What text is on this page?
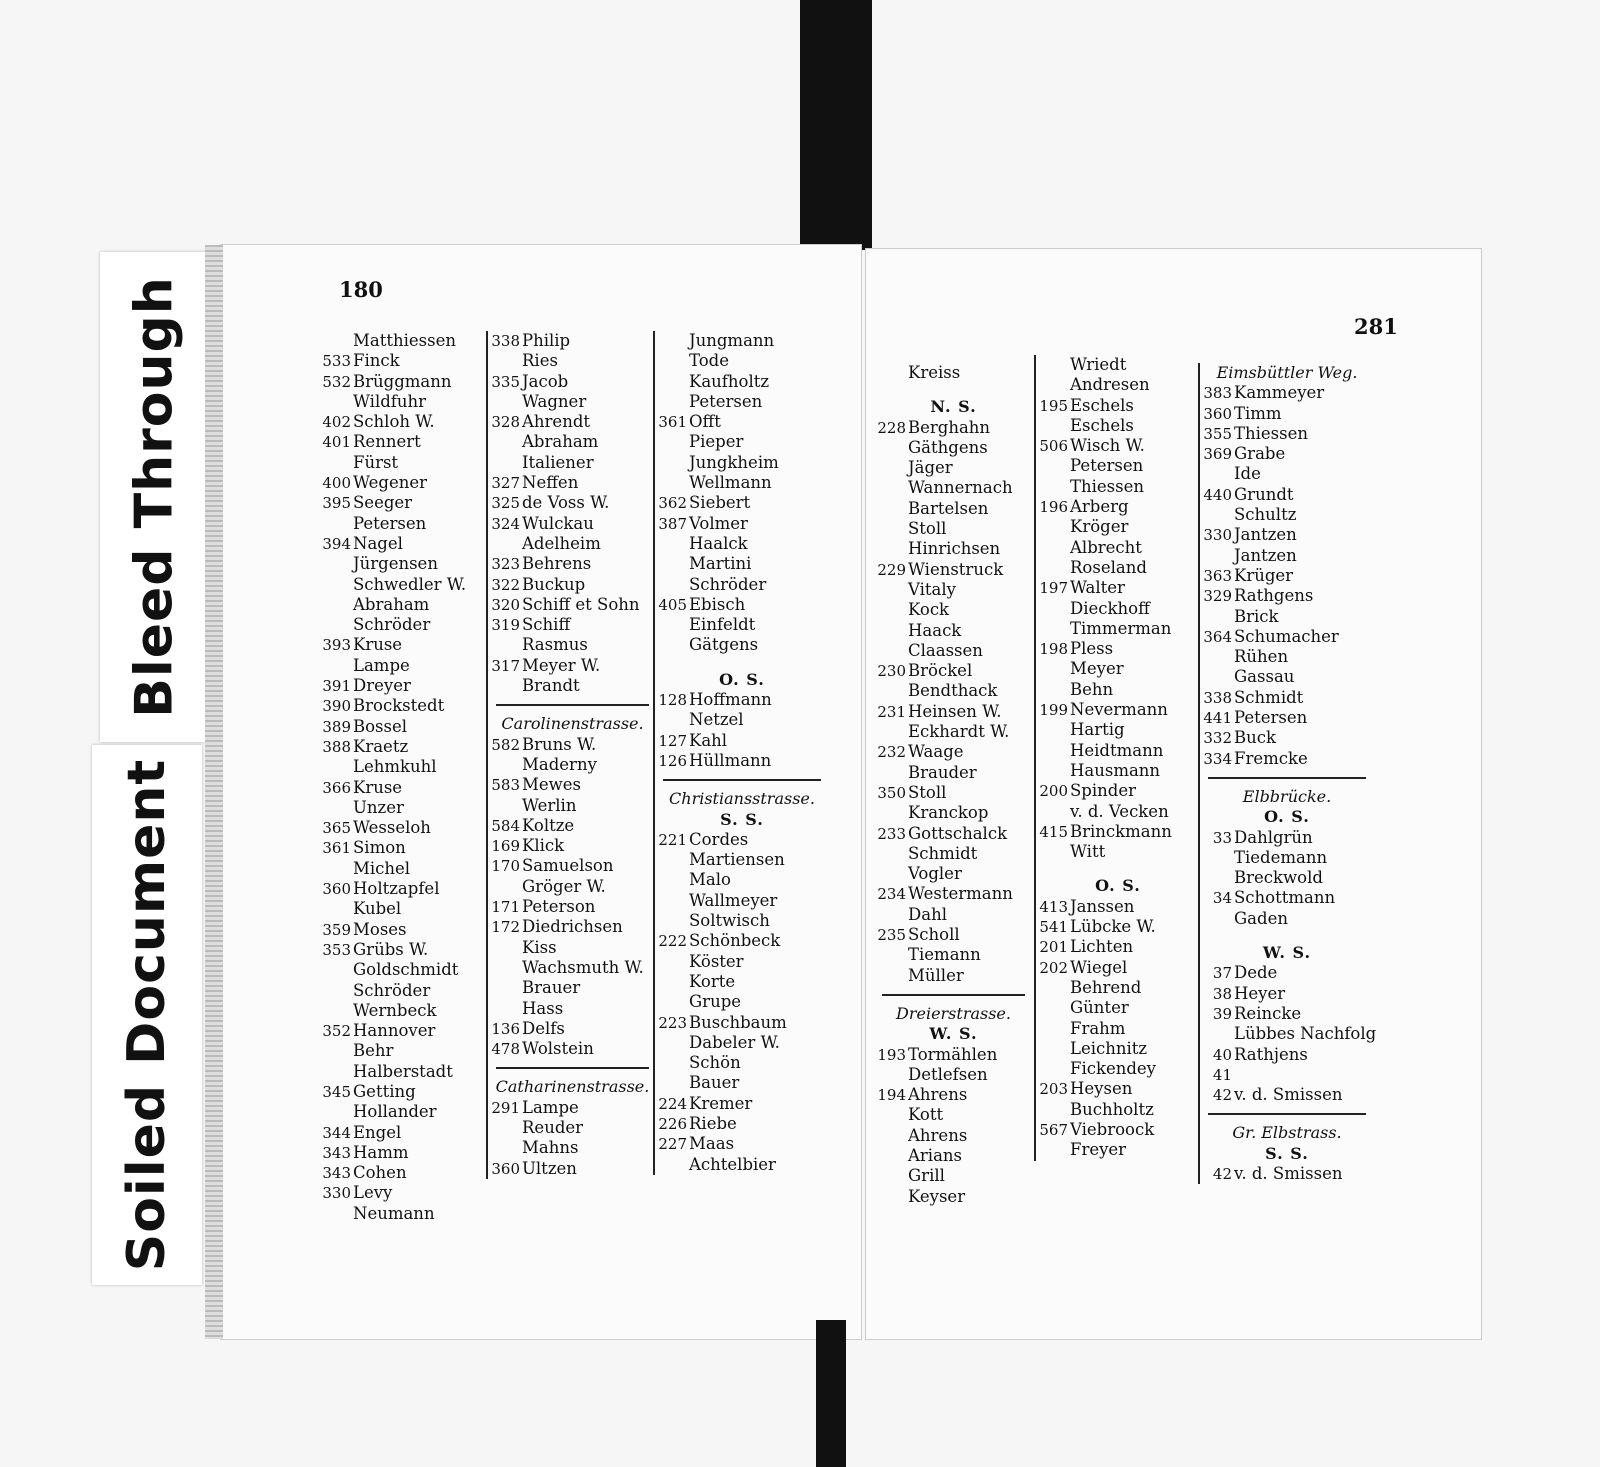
Bleed Through
Soiled Document
180
Matthiessen
533 Finck
532 Brüggmann
Wildfuhr
402 Schloh W.
401 Rennert
Fürst
400 Wegener
395 Seeger
Petersen
394 Nagel
Jürgensen
Schwedler W.
Abraham
Schröder
393 Kruse
Lampe
391 Dreyer
390 Brockstedt
389 Bossel
388 Kraetz
Lehmkuhl
366 Kruse
Unzer
365 Wesseloh
361 Simon
Michel
360 Holtzapfel
Kubel
359 Moses
353 Grübs W.
Goldschmidt
Schröder
Wernbeck
352 Hannover
Behr
Halberstadt
345 Getting
Hollander
344 Engel
343 Hamm
343 Cohen
330 Levy
Neumann
338 Philip
Ries
335 Jacob
Wagner
328 Ahrendt
Abraham
Italiener
327 Neffen
325 de Voss W.
324 Wulckau
Adelheim
323 Behrens
322 Buckup
320 Schiff et Sohn
319 Schiff
Rasmus
317 Meyer W.
Brandt
Carolinenstrasse.
582 Bruns W.
Maderny
583 Mewes
Werlin
584 Koltze
169 Klick
170 Samuelson
Gröger W.
171 Peterson
172 Diedrichsen
Kiss
Wachsmuth W.
Brauer
Hass
136 Delfs
478 Wolstein
Catharinenstrasse.
291 Lampe
Reuder
Mahns
360 Ultzen
Jungmann
Tode
Kaufholtz
Petersen
361 Offt
Pieper
Jungkheim
Wellmann
362 Siebert
387 Volmer
Haalck
Martini
Schröder
405 Ebisch
Einfeldt
Gätgens
O. S.
128 Hoffmann
Netzel
127 Kahl
126 Hüllmann
Christiansstrasse.
S. S.
221 Cordes
Martiensen
Malo
Wallmeyer
Soltwisch
222 Schönbeck
Köster
Korte
Grupe
223 Buschbaum
Dabeler W.
Schön
Bauer
224 Kremer
226 Riebe
227 Maas
Achtelbier
281
Kreiss
N. S.
228 Berghahn
Gäthgens
Jäger
Wannernach
Bartelsen
Stoll
Hinrichsen
229 Wienstruck
Vitaly
Kock
Haack
Claassen
230 Bröckel
Bendthack
231 Heinsen W.
Eckhardt W.
232 Waage
Brauder
350 Stoll
Kranckop
233 Gottschalck
Schmidt
Vogler
234 Westermann
Dahl
235 Scholl
Tiemann
Müller
Dreierstrasse.
W. S.
193 Tormählen
Detlefsen
194 Ahrens
Kott
Ahrens
Arians
Grill
Keyser
Wriedt
Andresen
195 Eschels
Eschels
506 Wisch W.
Petersen
Thiessen
196 Arberg
Kröger
Albrecht
Roseland
197 Walter
Dieckhoff
Timmerman
198 Pless
Meyer
Behn
199 Nevermann
Hartig
Heidtmann
Hausmann
200 Spinder
v. d. Vecken
415 Brinckmann
Witt
O. S.
413 Janssen
541 Lübcke W.
201 Lichten
202 Wiegel
Behrend
Günter
Frahm
Leichnitz
Fickendey
203 Heysen
Buchholtz
567 Viebroock
Freyer
Eimsbüttler Weg.
383 Kammeyer
360 Timm
355 Thiessen
369 Grabe
Ide
440 Grundt
Schultz
330 Jantzen
Jantzen
363 Krüger
329 Rathgens
Brick
364 Schumacher
Rühen
Gassau
338 Schmidt
441 Petersen
332 Buck
334 Fremcke
Elbbrücke.
O. S.
33 Dahlgrün
Tiedemann
Breckwold
34 Schottmann
Gaden
W. S.
37 Dede
38 Heyer
39 Reincke
Lübbes Nachfolg
40 Rathjens
41
42 v. d. Smissen
Gr. Elbstrass.
S. S.
42 v. d. Smissen
